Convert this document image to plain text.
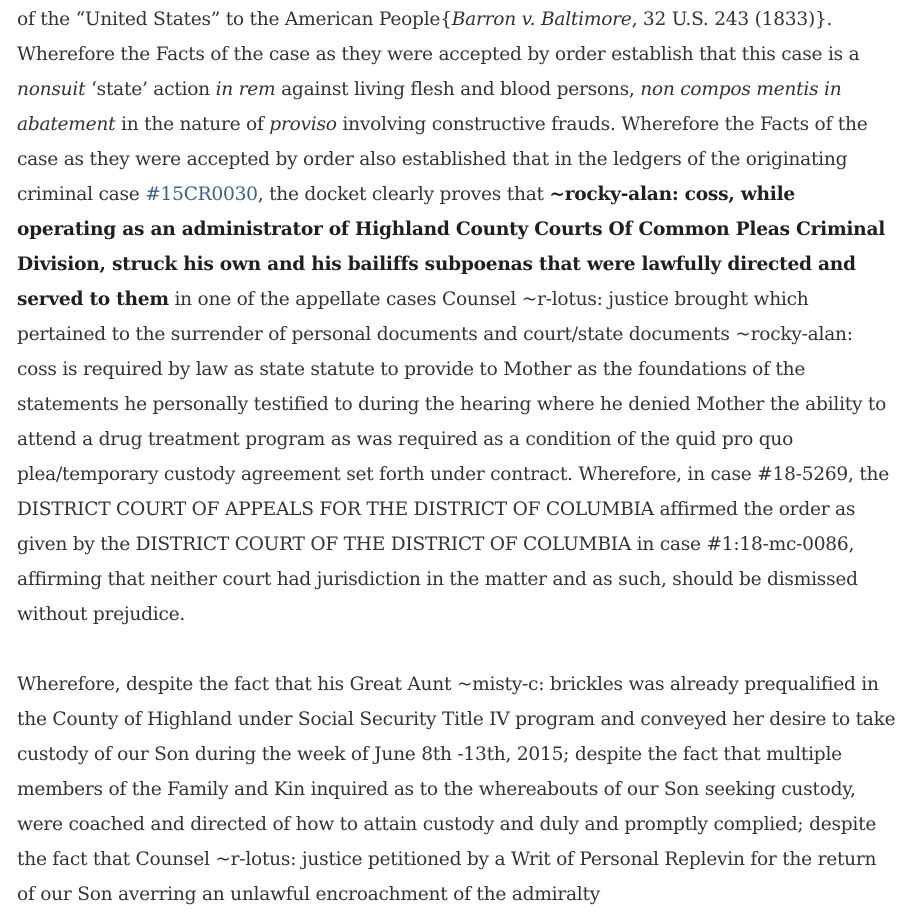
of the “United States” to the American People{Barron v. Baltimore, 32 U.S. 243 (1833)}. Wherefore the Facts of the case as they were accepted by order establish that this case is a nonsuit ‘state’ action in rem against living flesh and blood persons, non compos mentis in abatement in the nature of proviso involving constructive frauds. Wherefore the Facts of the case as they were accepted by order also established that in the ledgers of the originating criminal case #15CR0030, the docket clearly proves that ~rocky-alan: coss, while operating as an administrator of Highland County Courts Of Common Pleas Criminal Division, struck his own and his bailiffs subpoenas that were lawfully directed and served to them in one of the appellate cases Counsel ~r-lotus: justice brought which pertained to the surrender of personal documents and court/state documents ~rocky-alan: coss is required by law as state statute to provide to Mother as the foundations of the statements he personally testified to during the hearing where he denied Mother the ability to attend a drug treatment program as was required as a condition of the quid pro quo plea/temporary custody agreement set forth under contract. Wherefore, in case #18-5269, the DISTRICT COURT OF APPEALS FOR THE DISTRICT OF COLUMBIA affirmed the order as given by the DISTRICT COURT OF THE DISTRICT OF COLUMBIA in case #1:18-mc-0086, affirming that neither court had jurisdiction in the matter and as such, should be dismissed without prejudice.

Wherefore, despite the fact that his Great Aunt ~misty-c: brickles was already prequalified in the County of Highland under Social Security Title IV program and conveyed her desire to take custody of our Son during the week of June 8th -13th, 2015; despite the fact that multiple members of the Family and Kin inquired as to the whereabouts of our Son seeking custody, were coached and directed of how to attain custody and duly and promptly complied; despite the fact that Counsel ~r-lotus: justice petitioned by a Writ of Personal Replevin for the return of our Son averring an unlawful encroachment of the admiralty
